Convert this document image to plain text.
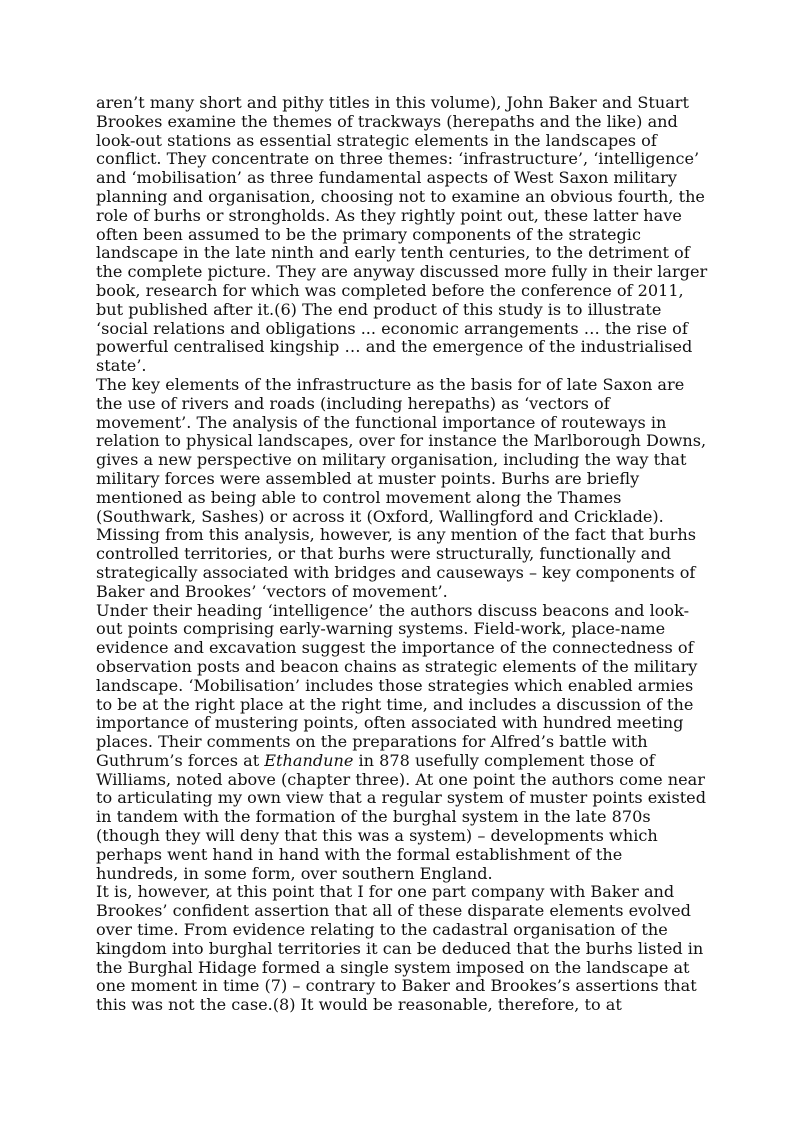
aren’t many short and pithy titles in this volume), John Baker and Stuart Brookes examine the themes of trackways (herepaths and the like) and look-out stations as essential strategic elements in the landscapes of conflict. They concentrate on three themes: ‘infrastructure’, ‘intelligence’ and ‘mobilisation’ as three fundamental aspects of West Saxon military planning and organisation, choosing not to examine an obvious fourth, the role of burhs or strongholds. As they rightly point out, these latter have often been assumed to be the primary components of the strategic landscape in the late ninth and early tenth centuries, to the detriment of the complete picture. They are anyway discussed more fully in their larger book, research for which was completed before the conference of 2011, but published after it.(6) The end product of this study is to illustrate ‘social relations and obligations ... economic arrangements … the rise of powerful centralised kingship … and the emergence of the industrialised state’.

The key elements of the infrastructure as the basis for of late Saxon are the use of rivers and roads (including herepaths) as ‘vectors of movement’. The analysis of the functional importance of routeways in relation to physical landscapes, over for instance the Marlborough Downs, gives a new perspective on military organisation, including the way that military forces were assembled at muster points. Burhs are briefly mentioned as being able to control movement along the Thames (Southwark, Sashes) or across it (Oxford, Wallingford and Cricklade). Missing from this analysis, however, is any mention of the fact that burhs controlled territories, or that burhs were structurally, functionally and strategically associated with bridges and causeways – key components of Baker and Brookes’ ‘vectors of movement’.

Under their heading ‘intelligence’ the authors discuss beacons and look-out points comprising early-warning systems. Field-work, place-name evidence and excavation suggest the importance of the connectedness of observation posts and beacon chains as strategic elements of the military landscape. ‘Mobilisation’ includes those strategies which enabled armies to be at the right place at the right time, and includes a discussion of the importance of mustering points, often associated with hundred meeting places. Their comments on the preparations for Alfred’s battle with Guthrum’s forces at Ethandune in 878 usefully complement those of Williams, noted above (chapter three). At one point the authors come near to articulating my own view that a regular system of muster points existed in tandem with the formation of the burghal system in the late 870s (though they will deny that this was a system) – developments which perhaps went hand in hand with the formal establishment of the hundreds, in some form, over southern England.

It is, however, at this point that I for one part company with Baker and Brookes’ confident assertion that all of these disparate elements evolved over time. From evidence relating to the cadastral organisation of the kingdom into burghal territories it can be deduced that the burhs listed in the Burghal Hidage formed a single system imposed on the landscape at one moment in time (7) – contrary to Baker and Brookes’s assertions that this was not the case.(8) It would be reasonable, therefore, to at
